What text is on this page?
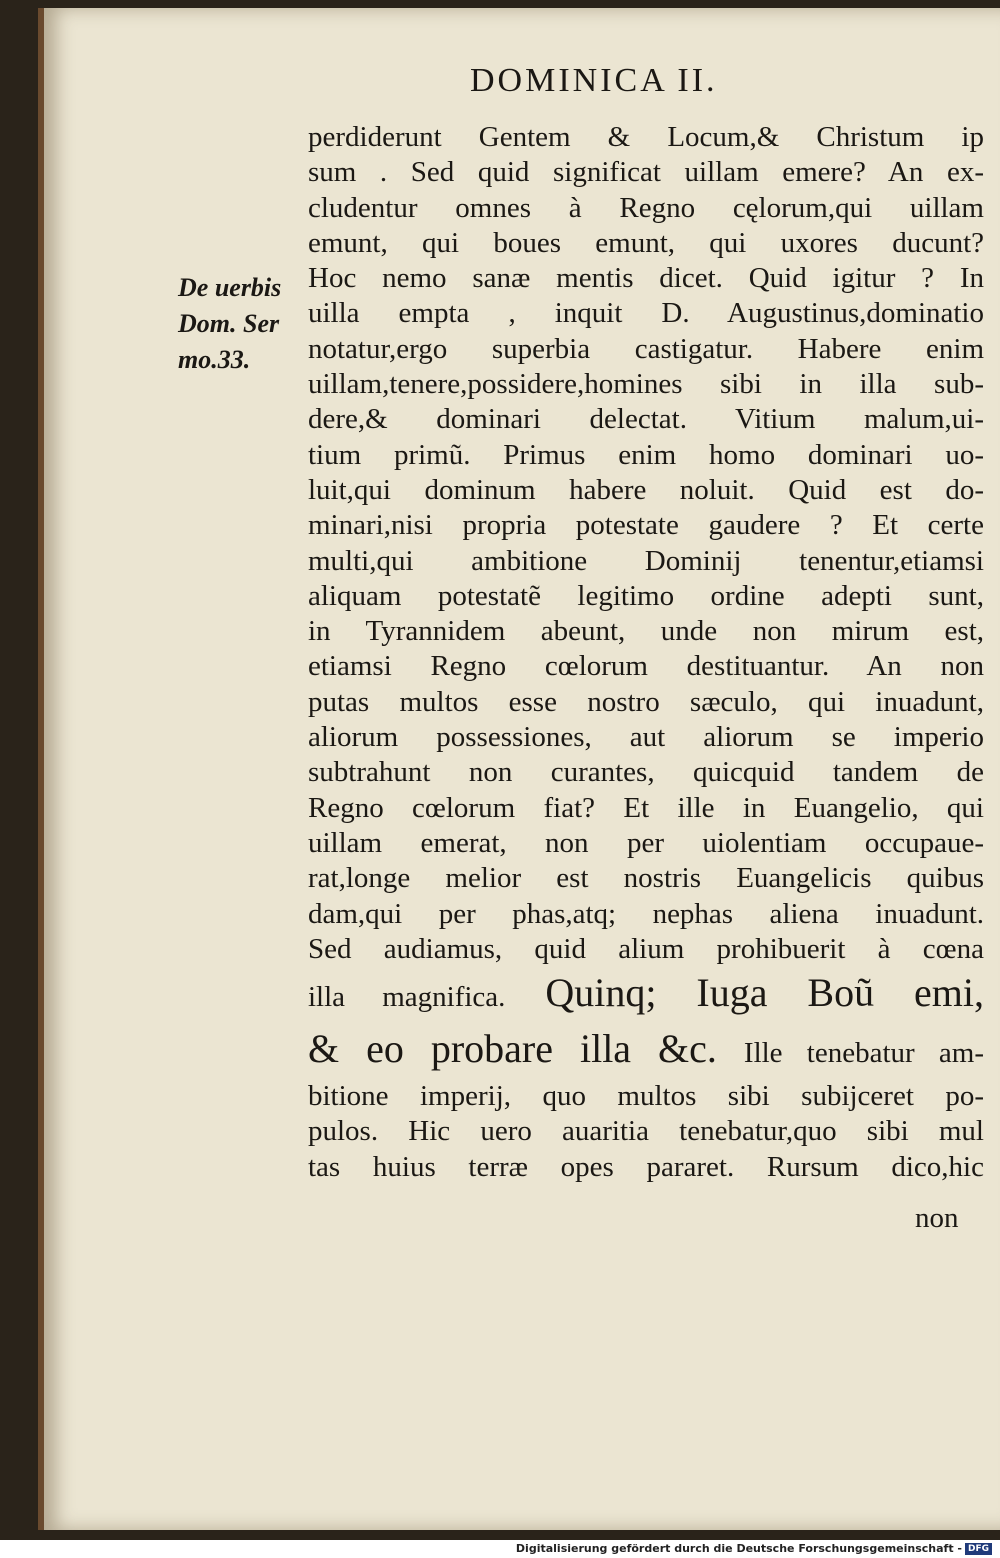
DOMINICA II.
De uerbis
Dom. Ser
mo.33.
perdiderunt Gentem & Locum,& Christum ip
sum . Sed quid significat uillam emere? An ex-
cludentur omnes à Regno cęlorum,qui uillam
emunt, qui boues emunt, qui uxores ducunt?
Hoc nemo sanæ mentis dicet. Quid igitur ? In
uilla empta , inquit D. Augustinus,dominatio
notatur,ergo superbia castigatur. Habere enim
uillam,tenere,possidere,homines sibi in illa sub-
dere,& dominari delectat. Vitium malum,ui-
tium primũ. Primus enim homo dominari uo-
luit,qui dominum habere noluit. Quid est do-
minari,nisi propria potestate gaudere ? Et certe
multi,qui ambitione Dominij tenentur,etiamsi
aliquam potestatẽ legitimo ordine adepti sunt,
in Tyrannidem abeunt, unde non mirum est,
etiamsi Regno cœlorum destituantur. An non
putas multos esse nostro sæculo, qui inuadunt,
aliorum possessiones, aut aliorum se imperio
subtrahunt non curantes, quicquid tandem de
Regno cœlorum fiat? Et ille in Euangelio, qui
uillam emerat, non per uiolentiam occupaue-
rat,longe melior est nostris Euangelicis quibus
dam,qui per phas,atq; nephas aliena inuadunt.
Sed audiamus, quid alium prohibuerit à cœna
illa magnifica. Quinq; Iuga Boũ emi,
& eo probare illa &c. Ille tenebatur am-
bitione imperij, quo multos sibi subijceret po-
pulos. Hic uero auaritia tenebatur,quo sibi mul
tas huius terræ opes pararet. Rursum dico,hic
non
Digitalisierung gefördert durch die Deutsche Forschungsgemeinschaft - DFG
